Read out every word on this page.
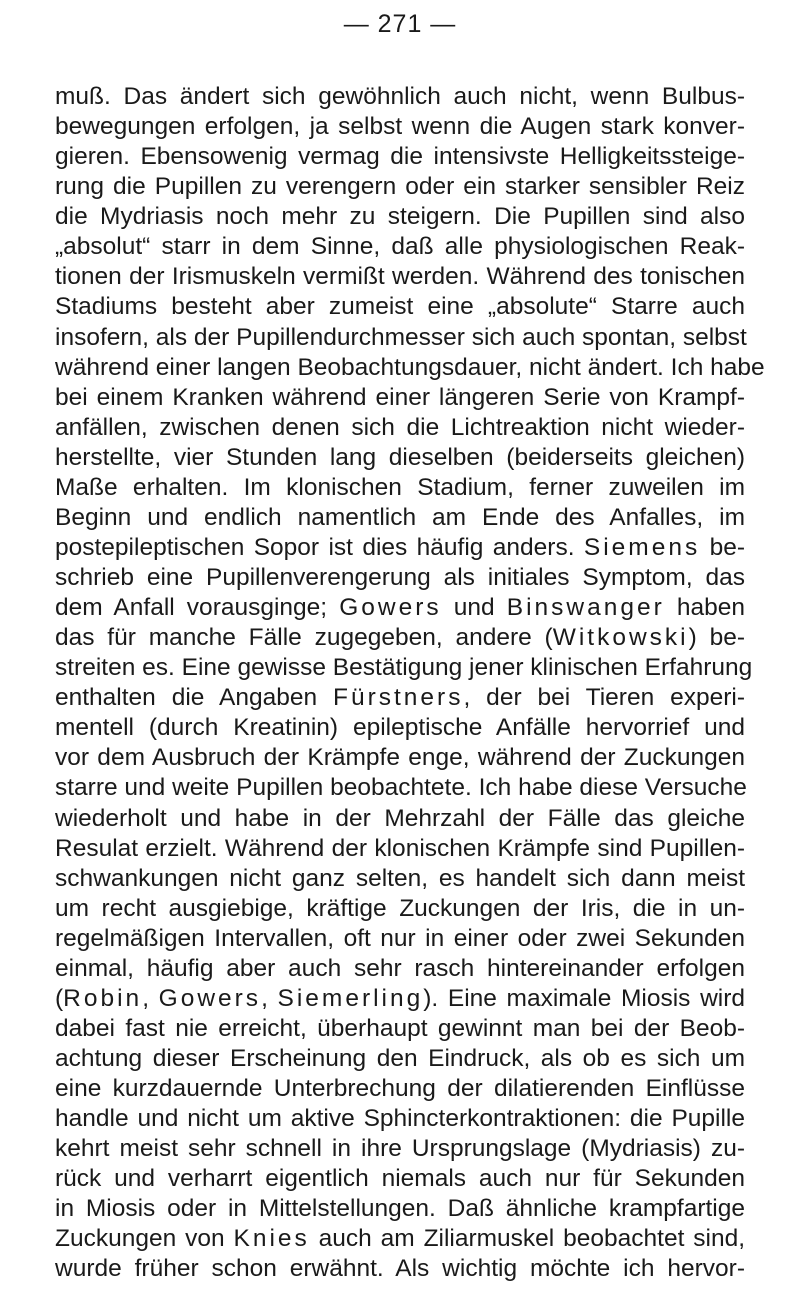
— 271 —
muß. Das ändert sich gewöhnlich auch nicht, wenn Bulbus-
bewegungen erfolgen, ja selbst wenn die Augen stark konver-
gieren. Ebensowenig vermag die intensivste Helligkeitssteige-
rung die Pupillen zu verengern oder ein starker sensibler Reiz
die Mydriasis noch mehr zu steigern. Die Pupillen sind also
„absolut“ starr in dem Sinne, daß alle physiologischen Reak-
tionen der Irismuskeln vermißt werden. Während des tonischen
Stadiums besteht aber zumeist eine „absolute“ Starre auch
insofern, als der Pupillendurchmesser sich auch spontan, selbst
während einer langen Beobachtungsdauer, nicht ändert. Ich habe
bei einem Kranken während einer längeren Serie von Krampf-
anfällen, zwischen denen sich die Lichtreaktion nicht wieder-
herstellte, vier Stunden lang dieselben (beiderseits gleichen)
Maße erhalten. Im klonischen Stadium, ferner zuweilen im
Beginn und endlich namentlich am Ende des Anfalles, im
postepileptischen Sopor ist dies häufig anders. Siemens be-
schrieb eine Pupillenverengerung als initiales Symptom, das
dem Anfall vorausginge; Gowers und Binswanger haben
das für manche Fälle zugegeben, andere (Witkowski) be-
streiten es. Eine gewisse Bestätigung jener klinischen Erfahrung
enthalten die Angaben Fürstners, der bei Tieren experi-
mentell (durch Kreatinin) epileptische Anfälle hervorrief und
vor dem Ausbruch der Krämpfe enge, während der Zuckungen
starre und weite Pupillen beobachtete. Ich habe diese Versuche
wiederholt und habe in der Mehrzahl der Fälle das gleiche
Resulat erzielt. Während der klonischen Krämpfe sind Pupillen-
schwankungen nicht ganz selten, es handelt sich dann meist
um recht ausgiebige, kräftige Zuckungen der Iris, die in un-
regelmäßigen Intervallen, oft nur in einer oder zwei Sekunden
einmal, häufig aber auch sehr rasch hintereinander erfolgen
(Robin, Gowers, Siemerling). Eine maximale Miosis wird
dabei fast nie erreicht, überhaupt gewinnt man bei der Beob-
achtung dieser Erscheinung den Eindruck, als ob es sich um
eine kurzdauernde Unterbrechung der dilatierenden Einflüsse
handle und nicht um aktive Sphincterkontraktionen: die Pupille
kehrt meist sehr schnell in ihre Ursprungslage (Mydriasis) zu-
rück und verharrt eigentlich niemals auch nur für Sekunden
in Miosis oder in Mittelstellungen. Daß ähnliche krampfartige
Zuckungen von Knies auch am Ziliarmuskel beobachtet sind,
wurde früher schon erwähnt. Als wichtig möchte ich hervor-
